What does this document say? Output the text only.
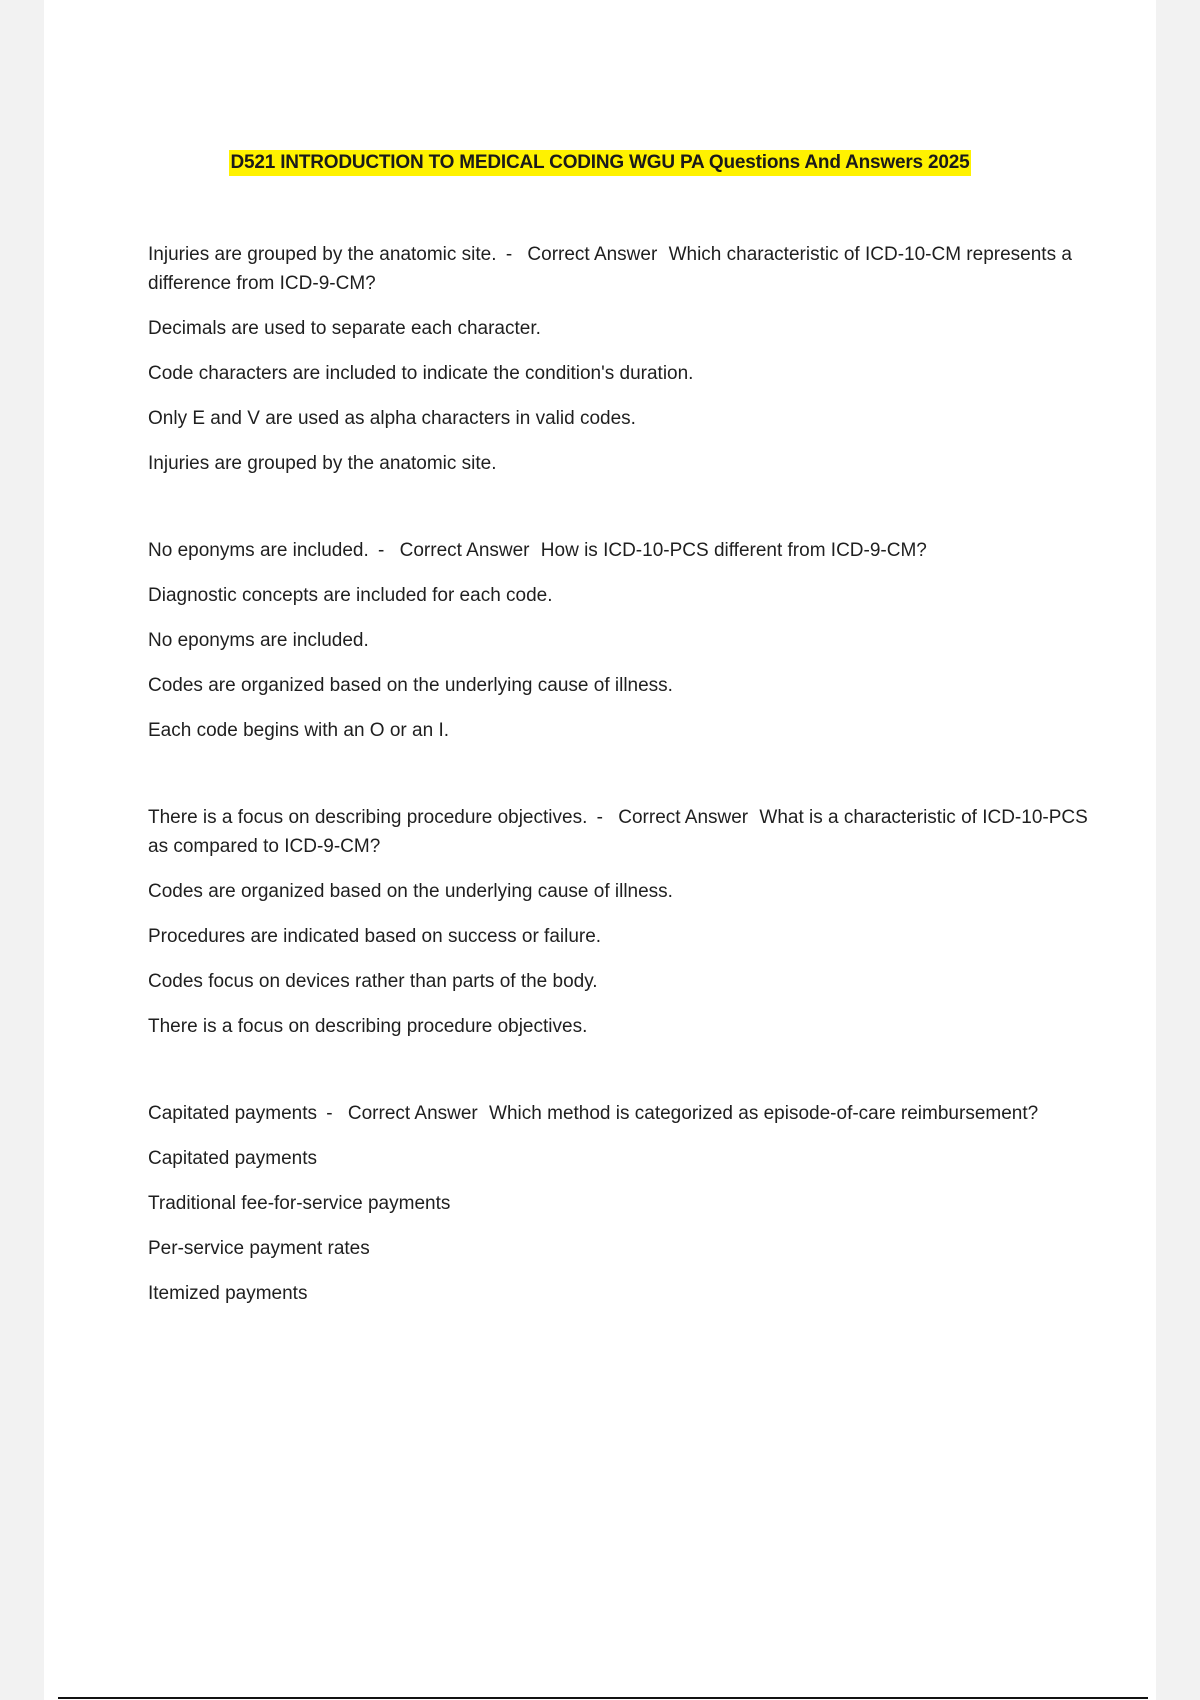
D521 INTRODUCTION TO MEDICAL CODING WGU PA Questions And Answers 2025
Injuries are grouped by the anatomic site. - Correct Answer Which characteristic of ICD-10-CM represents a difference from ICD-9-CM?
Decimals are used to separate each character.
Code characters are included to indicate the condition's duration.
Only E and V are used as alpha characters in valid codes.
Injuries are grouped by the anatomic site.
No eponyms are included. - Correct Answer How is ICD-10-PCS different from ICD-9-CM?
Diagnostic concepts are included for each code.
No eponyms are included.
Codes are organized based on the underlying cause of illness.
Each code begins with an O or an I.
There is a focus on describing procedure objectives. - Correct Answer What is a characteristic of ICD-10-PCS as compared to ICD-9-CM?
Codes are organized based on the underlying cause of illness.
Procedures are indicated based on success or failure.
Codes focus on devices rather than parts of the body.
There is a focus on describing procedure objectives.
Capitated payments - Correct Answer Which method is categorized as episode-of-care reimbursement?
Capitated payments
Traditional fee-for-service payments
Per-service payment rates
Itemized payments
